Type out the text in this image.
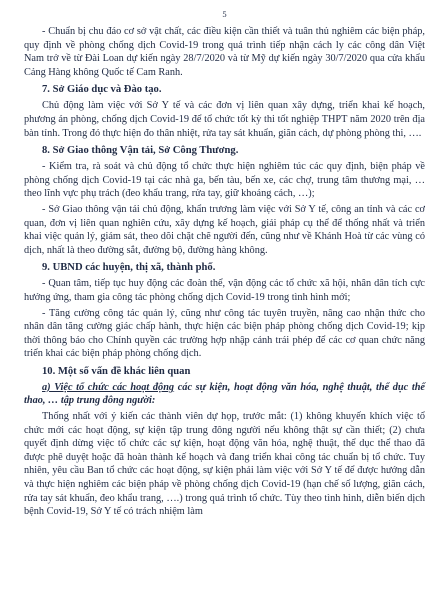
5

- Chuẩn bị chu đáo cơ sở vật chất, các điều kiện cần thiết và tuân thủ nghiêm các biện pháp, quy định về phòng chống dịch Covid-19 trong quá trình tiếp nhận cách ly các công dân Việt Nam trở về từ Đài Loan dự kiến ngày 28/7/2020 và từ Mỹ dự kiến ngày 30/7/2020 qua cửa khẩu Cảng Hàng không Quốc tế Cam Ranh.

7. Sở Giáo dục và Đào tạo.

Chủ động làm việc với Sở Y tế và các đơn vị liên quan xây dựng, triển khai kế hoạch, phương án phòng, chống dịch Covid-19 để tổ chức tốt kỳ thi tốt nghiệp THPT năm 2020 trên địa bàn tỉnh. Trong đó thực hiện đo thân nhiệt, rửa tay sát khuẩn, giãn cách, dự phòng phòng thi, ….

8. Sở Giao thông Vận tải, Sở Công Thương.

- Kiểm tra, rà soát và chủ động tổ chức thực hiện nghiêm túc các quy định, biện pháp về phòng chống dịch Covid-19 tại các nhà ga, bến tàu, bến xe, các chợ, trung tâm thương mại, … theo lĩnh vực phụ trách (đeo khẩu trang, rửa tay, giữ khoảng cách, …);

- Sở Giao thông vận tải chủ động, khẩn trương làm việc với Sở Y tế, công an tỉnh và các cơ quan, đơn vị liên quan nghiên cứu, xây dựng kế hoạch, giải pháp cụ thể để thống nhất và triển khai việc quản lý, giám sát, theo dõi chặt chẽ người đến, cũng như về Khánh Hoà từ các vùng có dịch, nhất là theo đường sắt, đường bộ, đường hàng không.

9. UBND các huyện, thị xã, thành phố.

- Quan tâm, tiếp tục huy động các đoàn thể, vận động các tổ chức xã hội, nhân dân tích cực hưởng ứng, tham gia công tác phòng chống dịch Covid-19 trong tình hình mới;

- Tăng cường công tác quản lý, cũng như công tác tuyên truyền, nâng cao nhận thức cho nhân dân tăng cường giác chấp hành, thực hiện các biện pháp phòng chống dịch Covid-19; kịp thời thông báo cho Chính quyền các trường hợp nhập cảnh trái phép để các cơ quan chức năng triển khai các biện pháp phòng chống dịch.

10. Một số vấn đề khác liên quan

a) Việc tổ chức các hoạt động các sự kiện, hoạt động văn hóa, nghệ thuật, thể dục thể thao, … tập trung đông người:

Thống nhất với ý kiến các thành viên dự họp, trước mắt: (1) không khuyến khích việc tổ chức mới các hoạt động, sự kiện tập trung đông người nếu không thật sự cần thiết; (2) chưa quyết định dừng việc tổ chức các sự kiện, hoạt động văn hóa, nghệ thuật, thể dục thể thao đã được phê duyệt hoặc đã hoàn thành kế hoạch và đang triển khai công tác chuẩn bị tổ chức. Tuy nhiên, yêu cầu Ban tổ chức các hoạt động, sự kiện phải làm việc với Sở Y tế để được hướng dẫn và thực hiện nghiêm các biện pháp về phòng chống dịch Covid-19 (hạn chế số lượng, giãn cách, rửa tay sát khuẩn, đeo khẩu trang, ….) trong quá trình tổ chức. Tùy theo tình hình, diễn biến dịch bệnh Covid-19, Sở Y tế có trách nhiệm làm
